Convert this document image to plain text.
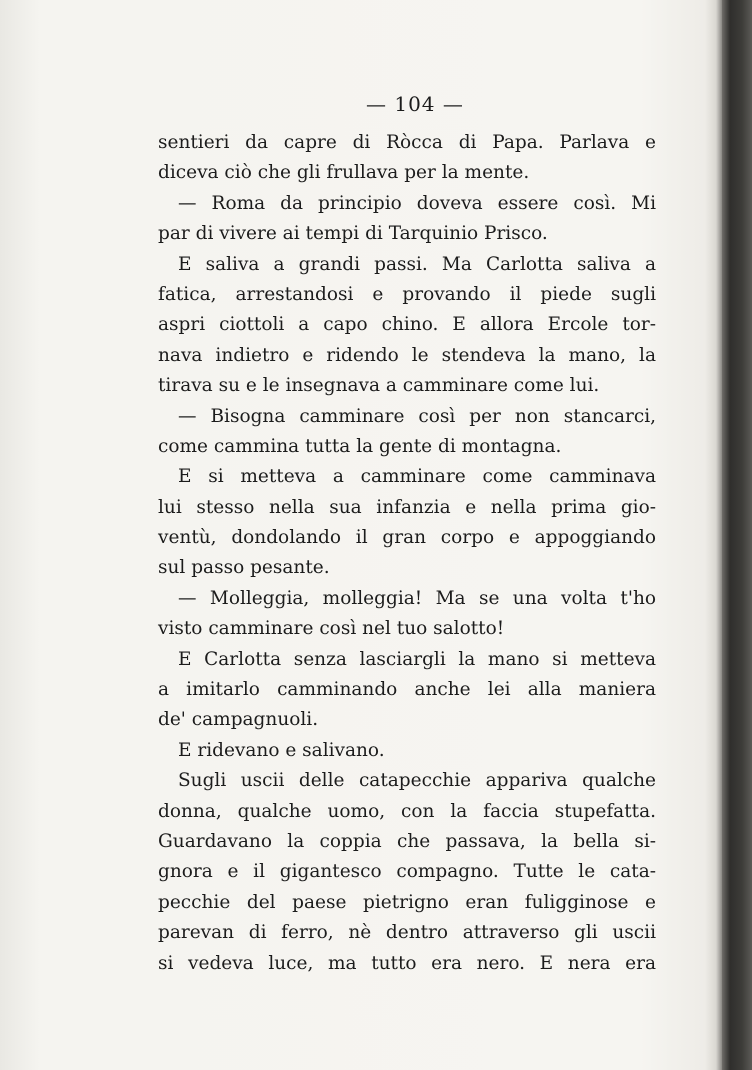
— 104 —
sentieri da capre di Ròcca di Papa. Parlava e
diceva ciò che gli frullava per la mente.
— Roma da principio doveva essere così. Mi
par di vivere ai tempi di Tarquinio Prisco.
E saliva a grandi passi. Ma Carlotta saliva a
fatica, arrestandosi e provando il piede sugli
aspri ciottoli a capo chino. E allora Ercole tor-
nava indietro e ridendo le stendeva la mano, la
tirava su e le insegnava a camminare come lui.
— Bisogna camminare così per non stancarci,
come cammina tutta la gente di montagna.
E si metteva a camminare come camminava
lui stesso nella sua infanzia e nella prima gio-
ventù, dondolando il gran corpo e appoggiando
sul passo pesante.
— Molleggia, molleggia! Ma se una volta t'ho
visto camminare così nel tuo salotto!
E Carlotta senza lasciargli la mano si metteva
a imitarlo camminando anche lei alla maniera
de' campagnuoli.
E ridevano e salivano.
Sugli uscii delle catapecchie appariva qualche
donna, qualche uomo, con la faccia stupefatta.
Guardavano la coppia che passava, la bella si-
gnora e il gigantesco compagno. Tutte le cata-
pecchie del paese pietrigno eran fuligginose e
parevan di ferro, nè dentro attraverso gli uscii
si vedeva luce, ma tutto era nero. E nera era
